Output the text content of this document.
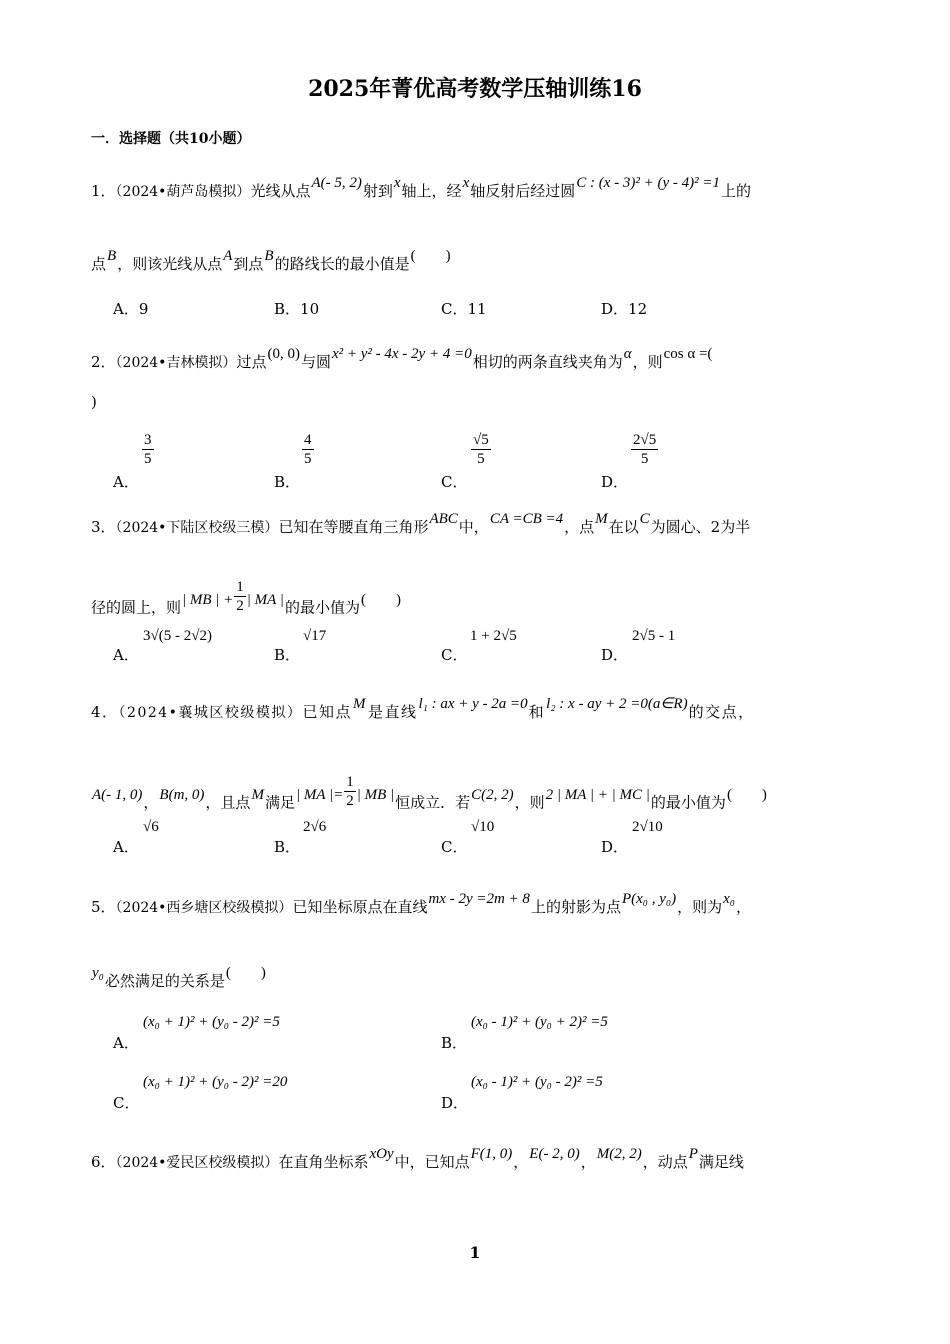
2025年菁优高考数学压轴训练16
一．选择题（共10小题）
1．（2024•葫芦岛模拟）光线从点A(- 5, 2)射到x轴上，经x轴反射后经过圆C : (x - 3)² + (y - 4)² =1上的
点B，则该光线从点A到点B的路线长的最小值是(　　)
A．9	B．10	C．11	D．12
2．（2024•吉林模拟）过点(0, 0)与圆x² + y² - 4x - 2y + 4 =0相切的两条直线夹角为α，则cos α =(
)
A．
$\frac{3}{5}$
B．
$\frac{4}{5}$
C．
$\frac{√5}{5}$
D．
$\frac{2√5}{5}$
3．（2024•下陆区校级三模）已知在等腰直角三角形ABC中，CA =CB =4，点M在以C为圆心、2为半
径的圆上，则| MB | + $\frac{1}{2}$ | MA |的最小值为(　　)
A．
3√(5 - 2√2)
B．
√17
C．
1 + 2√5
D．
2√5 - 1
4．（2024•襄城区校级模拟）已知点M是直线l₁ : ax + y - 2a =0和l₂ : x - ay + 2 =0(a∈R)的交点，
A(- 1, 0)，B(m, 0)，且点M满足| MA |= $\frac{1}{2}$ | MB |恒成立．若C(2, 2)，则2 | MA | + | MC |的最小值为(　　)
A．
√6
B．
2√6
C．
√10
D．
2√10
5．（2024•西乡塘区校级模拟）已知坐标原点在直线mx - 2y =2m + 8上的射影为点P(x₀ , y₀)，则为x₀，
y₀必然满足的关系是(　　)
A．
(x₀ + 1)² + (y₀ - 2)² =5
B．
(x₀ - 1)² + (y₀ + 2)² =5
C．
(x₀ + 1)² + (y₀ - 2)² =20
D．
(x₀ - 1)² + (y₀ - 2)² =5
6．（2024•爱民区校级模拟）在直角坐标系xOy中，已知点F(1, 0)，E(- 2, 0)，M(2, 2)，动点P满足线
1
